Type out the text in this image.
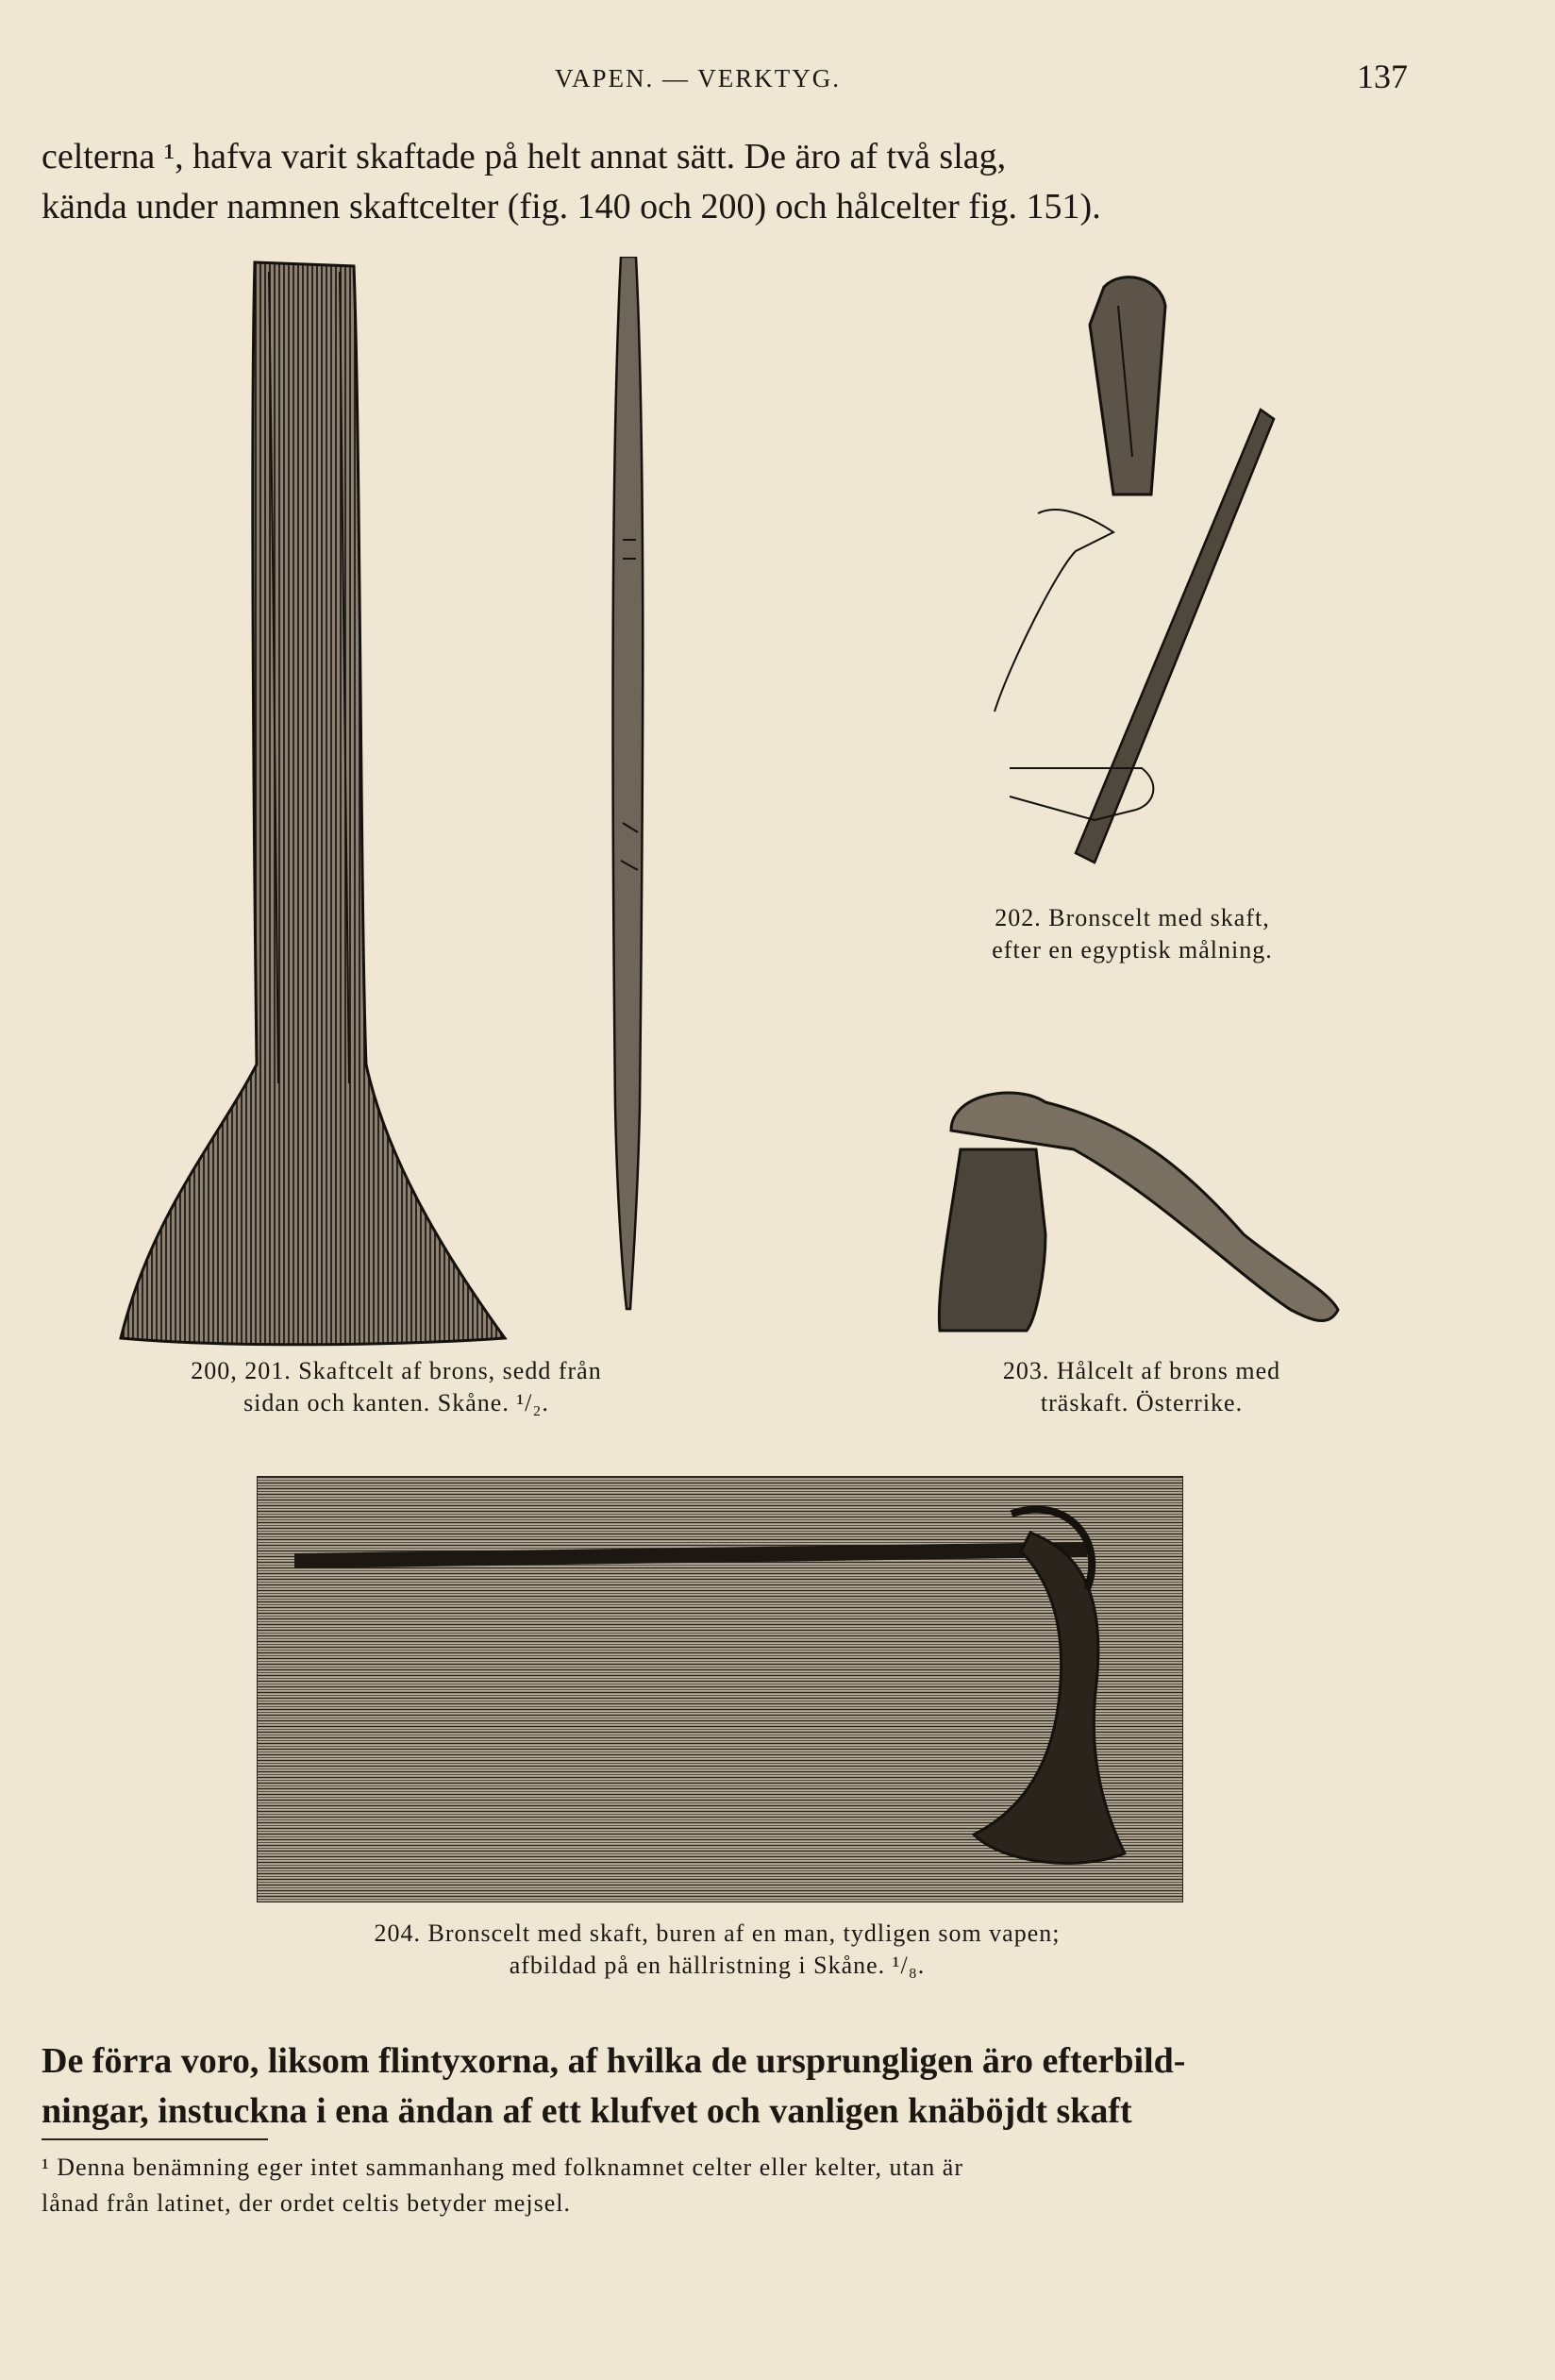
VAPEN. — VERKTYG.	137
celterna ¹, hafva varit skaftade på helt annat sätt. De äro af två slag,
kända under namnen skaftcelter (fig. 140 och 200) och hålcelter fig. 151).
200, 201. Skaftcelt af brons, sedd från
sidan och kanten. Skåne. ¹/₂.
202. Bronscelt med skaft,
efter en egyptisk målning.
203. Hålcelt af brons med
träskaft. Österrike.
204. Bronscelt med skaft, buren af en man, tydligen som vapen;
afbildad på en hällristning i Skåne. ¹/₈.
De förra voro, liksom flintyxorna, af hvilka de ursprungligen äro efterbild-
ningar, instuckna i ena ändan af ett klufvet och vanligen knäböjdt skaft
¹ Denna benämning eger intet sammanhang med folknamnet celter eller kelter, utan är
lånad från latinet, der ordet celtis betyder mejsel.
